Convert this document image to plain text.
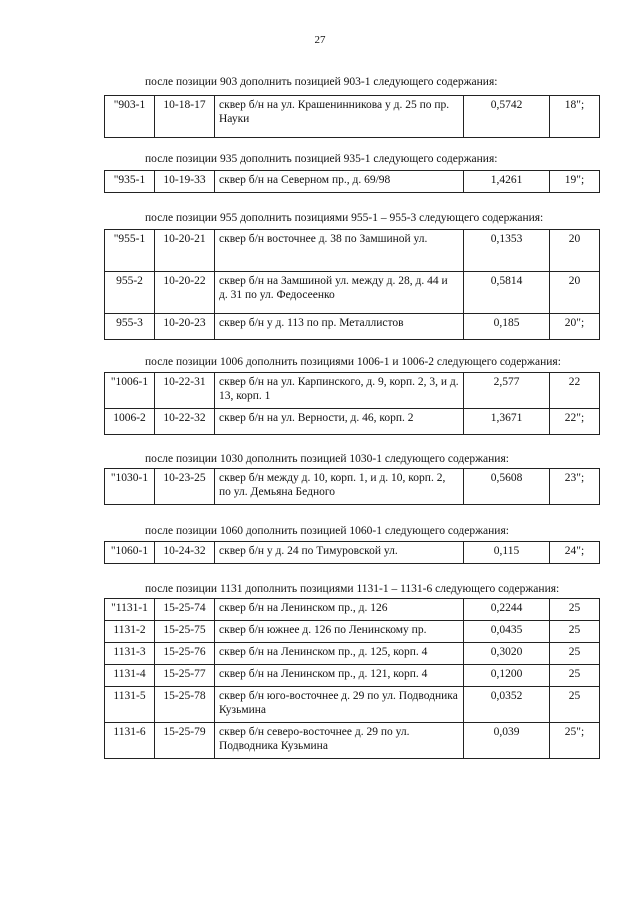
27
после позиции 903 дополнить позицией 903-1 следующего содержания:
"903-1	10-18-17	сквер б/н на ул. Крашенинникова у д. 25 по пр. Науки	0,5742	18";
после позиции 935 дополнить позицией 935-1 следующего содержания:
"935-1	10-19-33	сквер б/н на Северном пр., д. 69/98	1,4261	19";
после позиции 955 дополнить позициями 955-1 – 955-3 следующего содержания:
"955-1	10-20-21	сквер б/н восточнее д. 38 по Замшиной ул.	0,1353	20
955-2	10-20-22	сквер б/н на Замшиной ул. между д. 28, д. 44 и д. 31 по ул. Федосеенко	0,5814	20
955-3	10-20-23	сквер б/н у д. 113 по пр. Металлистов	0,185	20";
после позиции 1006 дополнить позициями 1006-1 и 1006-2 следующего содержания:
"1006-1	10-22-31	сквер б/н на ул. Карпинского, д. 9, корп. 2, 3, и д. 13, корп. 1	2,577	22
1006-2	10-22-32	сквер б/н на ул. Верности, д. 46, корп. 2	1,3671	22";
после позиции 1030 дополнить позицией 1030-1 следующего содержания:
"1030-1	10-23-25	сквер б/н между д. 10, корп. 1, и д. 10, корп. 2, по ул. Демьяна Бедного	0,5608	23";
после позиции 1060 дополнить позицией 1060-1 следующего содержания:
"1060-1	10-24-32	сквер б/н у д. 24 по Тимуровской ул.	0,115	24";
после позиции 1131 дополнить позициями 1131-1 – 1131-6 следующего содержания:
"1131-1	15-25-74	сквер б/н на Ленинском пр., д. 126	0,2244	25
1131-2	15-25-75	сквер б/н южнее д. 126 по Ленинскому пр.	0,0435	25
1131-3	15-25-76	сквер б/н на Ленинском пр., д. 125, корп. 4	0,3020	25
1131-4	15-25-77	сквер б/н на Ленинском пр., д. 121, корп. 4	0,1200	25
1131-5	15-25-78	сквер б/н юго-восточнее д. 29 по ул. Подводника Кузьмина	0,0352	25
1131-6	15-25-79	сквер б/н северо-восточнее д. 29 по ул. Подводника Кузьмина	0,039	25";
